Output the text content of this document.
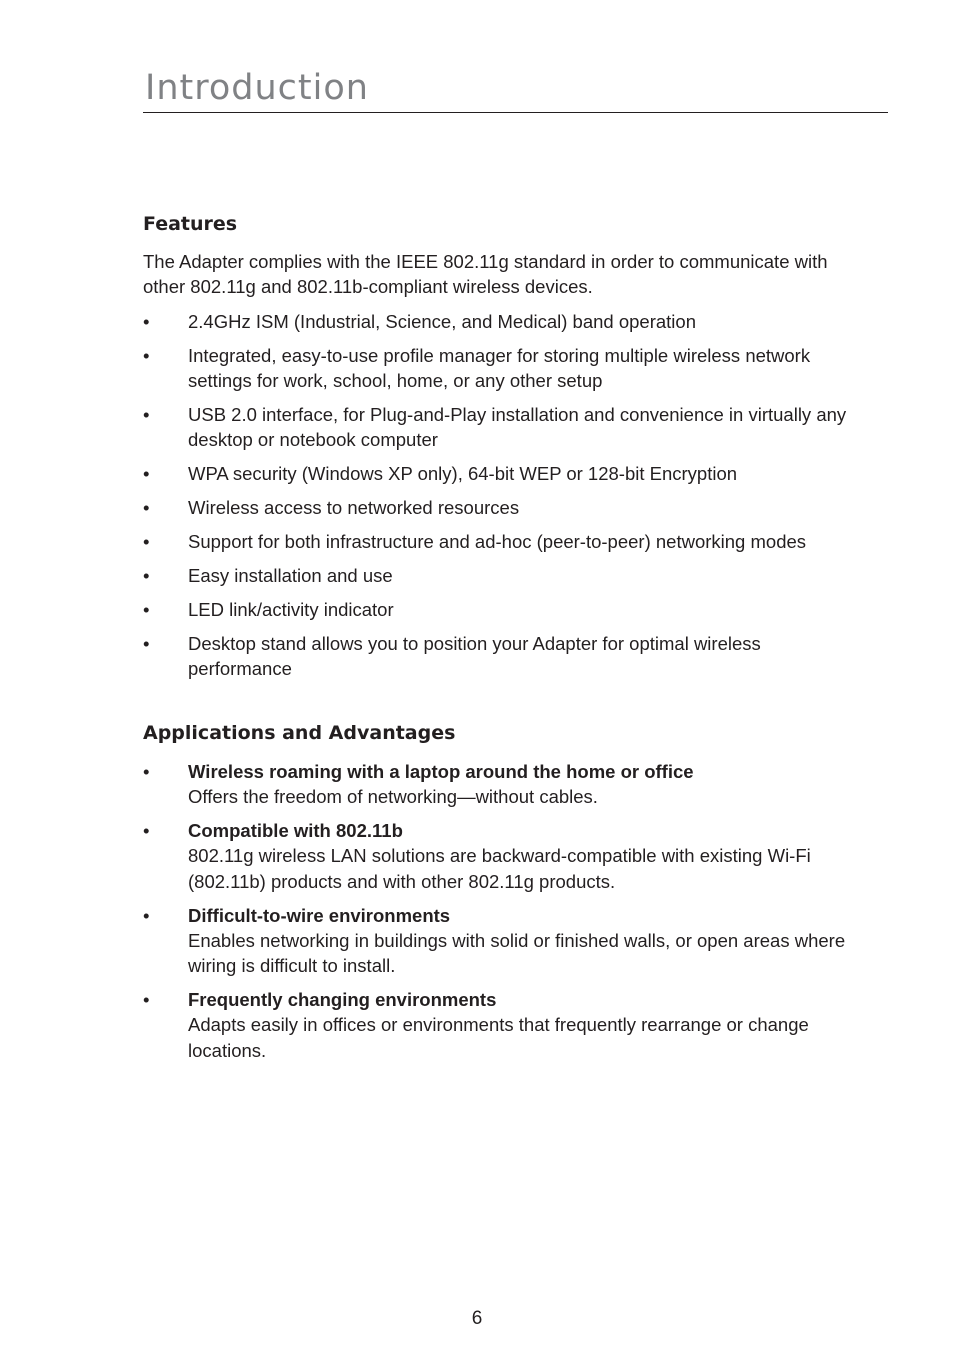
Introduction
Features

The Adapter complies with the IEEE 802.11g standard in order to communicate with other 802.11g and 802.11b-compliant wireless devices.

• 2.4GHz ISM (Industrial, Science, and Medical) band operation
• Integrated, easy-to-use profile manager for storing multiple wireless network settings for work, school, home, or any other setup
• USB 2.0 interface, for Plug-and-Play installation and convenience in virtually any desktop or notebook computer
• WPA security (Windows XP only), 64-bit WEP or 128-bit Encryption
• Wireless access to networked resources
• Support for both infrastructure and ad-hoc (peer-to-peer) networking modes
• Easy installation and use
• LED link/activity indicator
• Desktop stand allows you to position your Adapter for optimal wireless performance
Applications and Advantages
• Wireless roaming with a laptop around the home or office
Offers the freedom of networking—without cables.
• Compatible with 802.11b
802.11g wireless LAN solutions are backward-compatible with existing Wi-Fi (802.11b) products and with other 802.11g products.
• Difficult-to-wire environments
Enables networking in buildings with solid or finished walls, or open areas where wiring is difficult to install.
• Frequently changing environments
Adapts easily in offices or environments that frequently rearrange or change locations.
6
